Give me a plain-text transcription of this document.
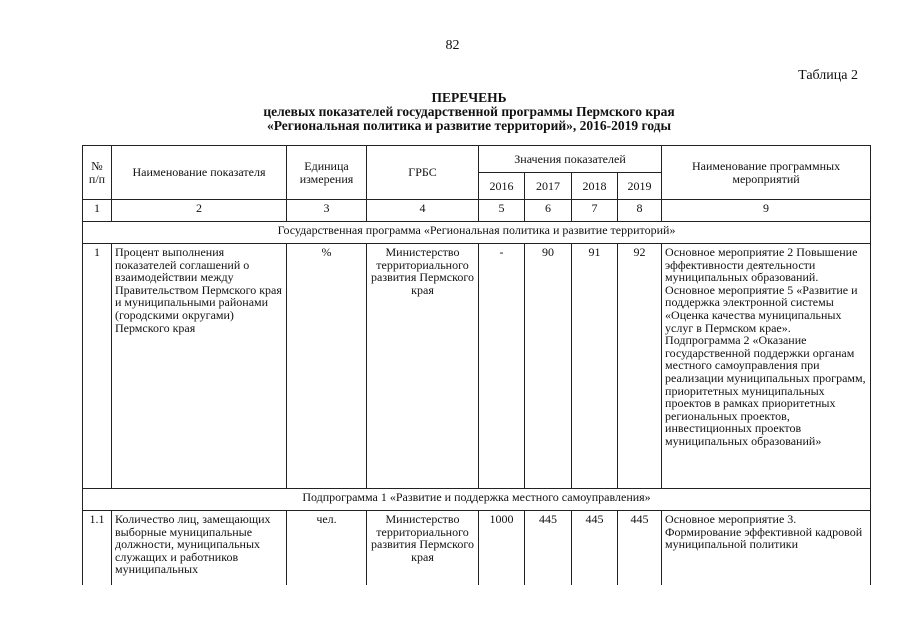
82
Таблица 2
ПЕРЕЧЕНЬ
целевых показателей государственной программы Пермского края
«Региональная политика и развитие территорий», 2016-2019 годы
№ п/п	Наименование показателя	Единица измерения	ГРБС	Значения показателей				Наименование программных мероприятий
				2016	2017	2018	2019	
1	2	3	4	5	6	7	8	9
Государственная программа «Региональная политика и развитие территорий»								
1	Процент выполнения показателей соглашений о взаимодействии между Правительством Пермского края и муниципальными районами (городскими округами) Пермского края	%	Министерство территориального развития Пермского края	-	90	91	92	Основное мероприятие 2 Повышение эффективности деятельности муниципальных образований. Основное мероприятие 5 «Развитие и поддержка электронной системы «Оценка качества муниципальных услуг в Пермском крае». Подпрограмма 2 «Оказание государственной поддержки органам местного самоуправления при реализации муниципальных программ, приоритетных муниципальных проектов в рамках приоритетных региональных проектов, инвестиционных проектов муниципальных образований»
Подпрограмма 1 «Развитие и поддержка местного самоуправления»								
1.1	Количество лиц, замещающих выборные муниципальные должности, муниципальных служащих и работников муниципальных	чел.	Министерство территориального развития Пермского края	1000	445	445	445	Основное мероприятие 3. Формирование эффективной кадровой муниципальной политики
